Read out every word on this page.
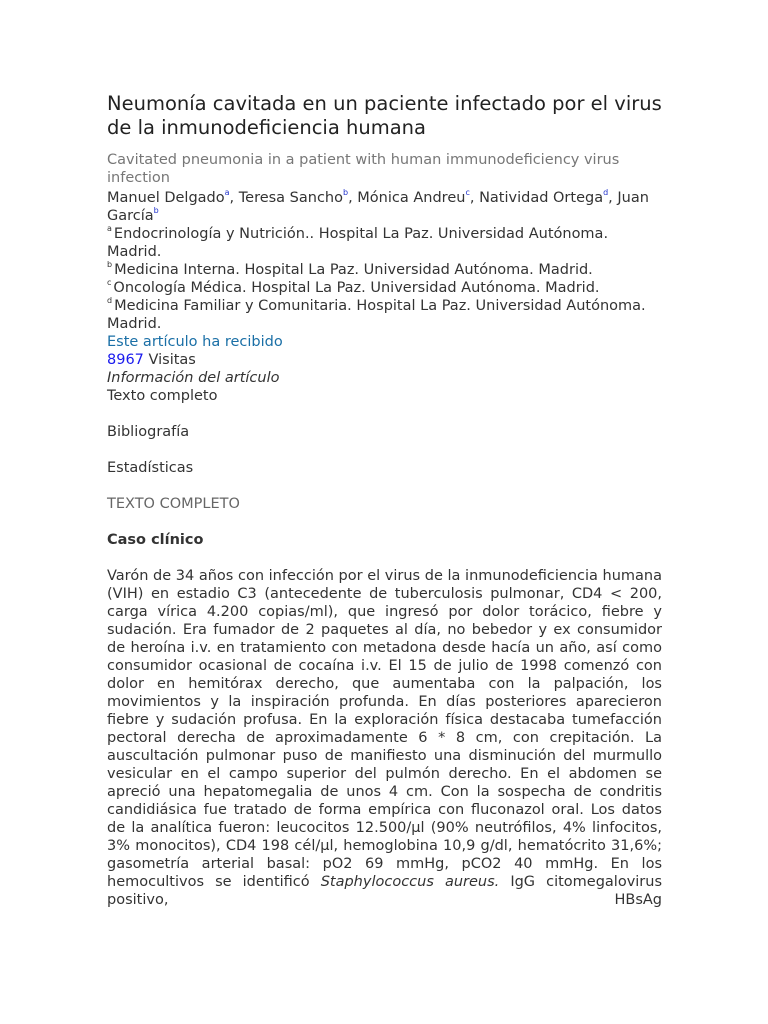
Neumonía cavitada en un paciente infectado por el virus de la inmunodeficiencia humana
Cavitated pneumonia in a patient with human immunodeficiency virus infection
Manuel Delgado$^a$, Teresa Sancho$^b$, Mónica Andreu$^c$, Natividad Ortega$^d$, Juan García$^b$
$^a$ Endocrinología y Nutrición.. Hospital La Paz. Universidad Autónoma. Madrid.
$^b$ Medicina Interna. Hospital La Paz. Universidad Autónoma. Madrid.
$^c$ Oncología Médica. Hospital La Paz. Universidad Autónoma. Madrid.
$^d$ Medicina Familiar y Comunitaria. Hospital La Paz. Universidad Autónoma. Madrid.
Este artículo ha recibido
8967 Visitas
Información del artículo
Texto completo
Bibliografía
Estadísticas
TEXTO COMPLETO
Caso clínico
Varón de 34 años con infección por el virus de la inmunodeficiencia humana (VIH) en estadio C3 (antecedente de tuberculosis pulmonar, CD4 < 200, carga vírica 4.200 copias/ml), que ingresó por dolor torácico, fiebre y sudación. Era fumador de 2 paquetes al día, no bebedor y ex consumidor de heroína i.v. en tratamiento con metadona desde hacía un año, así como consumidor ocasional de cocaína i.v. El 15 de julio de 1998 comenzó con dolor en hemitórax derecho, que aumentaba con la palpación, los movimientos y la inspiración profunda. En días posteriores aparecieron fiebre y sudación profusa. En la exploración física destacaba tumefacción pectoral derecha de aproximadamente 6 * 8 cm, con crepitación. La auscultación pulmonar puso de manifiesto una disminución del murmullo vesicular en el campo superior del pulmón derecho. En el abdomen se apreció una hepatomegalia de unos 4 cm. Con la sospecha de condritis candidiásica fue tratado de forma empírica con fluconazol oral. Los datos de la analítica fueron: leucocitos 12.500/µl (90% neutrófilos, 4% linfocitos, 3% monocitos), CD4 198 cél/µl, hemoglobina 10,9 g/dl, hematócrito 31,6%; gasometría arterial basal: pO2 69 mmHg, pCO2 40 mmHg. En los hemocultivos se identificó Staphylococcus aureus. IgG citomegalovirus positivo, HBsAg
